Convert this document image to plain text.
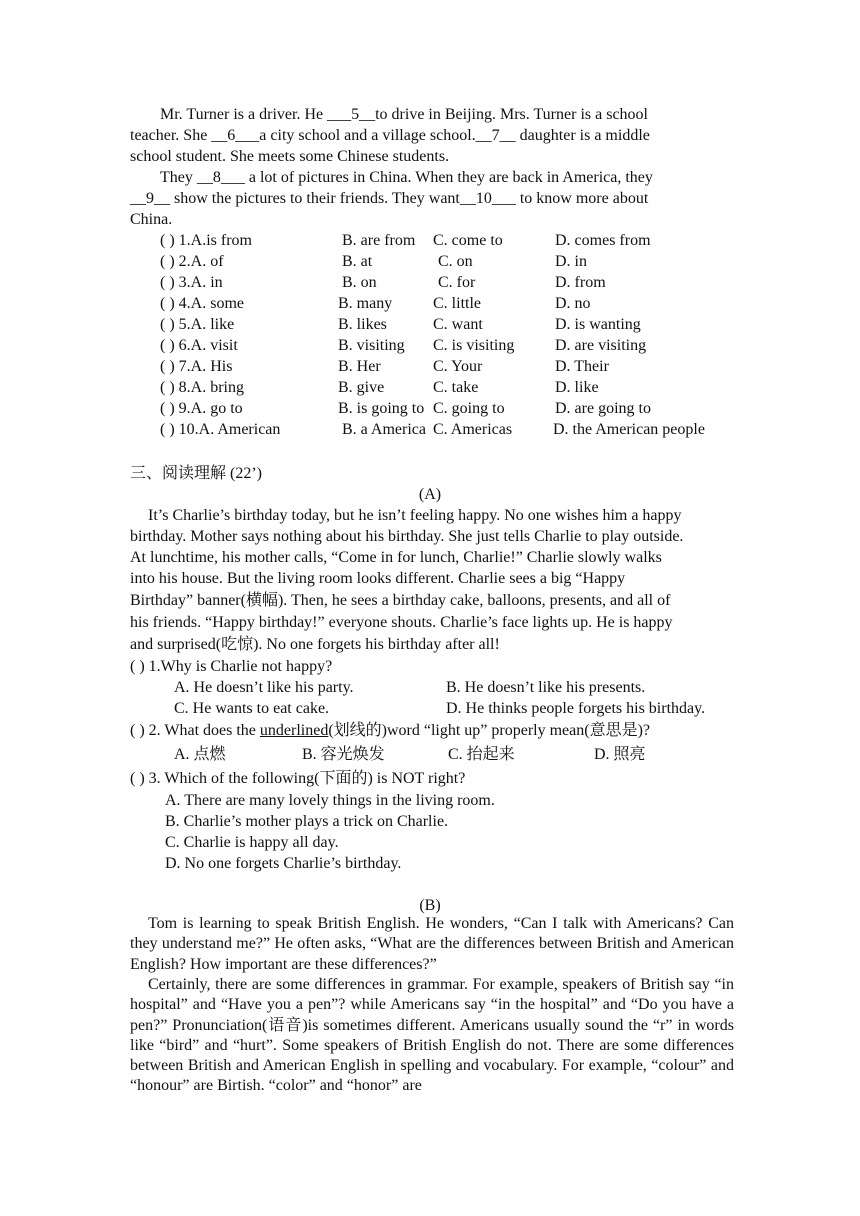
Mr. Turner is a driver. He ___5__to drive in Beijing. Mrs. Turner is a school
teacher. She __6___a city school and a village school.__7__ daughter is a middle
school student. She meets some Chinese students.
They __8___ a lot of pictures in China. When they are back in America, they
__9__ show the pictures to their friends. They want__10___ to know more about
China.
( ) 1.A.is from	B. are from C. come to	D. comes from
( ) 2.A. of	B. at	C. on	D. in
( ) 3.A. in	B. on	C. for	D. from
( ) 4.A. some	B. many	C. little	D. no
( ) 5.A. like	B. likes	C. want	D. is wanting
( ) 6.A. visit	B. visiting C. is visiting	D. are visiting
( ) 7.A. His	B. Her	C. Your	D. Their
( ) 8.A. bring	B. give	C. take	D. like
( ) 9.A. go to	B. is going to C. going to	D. are going to
( ) 10.A. American	B. a America C. Americas	D. the American people
三、阅读理解 (22’)
(A)
It’s Charlie’s birthday today, but he isn’t feeling happy. No one wishes him a happy
birthday. Mother says nothing about his birthday. She just tells Charlie to play outside.
At lunchtime, his mother calls, “Come in for lunch, Charlie!” Charlie slowly walks
into his house. But the living room looks different. Charlie sees a big “Happy
Birthday” banner(横幅). Then, he sees a birthday cake, balloons, presents, and all of
his friends. “Happy birthday!” everyone shouts. Charlie’s face lights up. He is happy
and surprised(吃惊). No one forgets his birthday after all!
( ) 1.Why is Charlie not happy?
A. He doesn’t like his party.	B. He doesn’t like his presents.
C. He wants to eat cake.	D. He thinks people forgets his birthday.
( ) 2. What does the underlined(划线的)word “light up” properly mean(意思是)?
A. 点燃	B. 容光焕发	C. 抬起来	D. 照亮
( ) 3. Which of the following(下面的) is NOT right?
A. There are many lovely things in the living room.
B. Charlie’s mother plays a trick on Charlie.
C. Charlie is happy all day.
D. No one forgets Charlie’s birthday.
(B)
Tom is learning to speak British English. He wonders, “Can I talk with Americans? Can they understand me?” He often asks, “What are the differences between British and American English? How important are these differences?”
Certainly, there are some differences in grammar. For example, speakers of British say “in hospital” and “Have you a pen”? while Americans say “in the hospital” and “Do you have a pen?” Pronunciation(语音)is sometimes different. Americans usually sound the “r” in words like “bird” and “hurt”. Some speakers of British English do not. There are some differences between British and American English in spelling and vocabulary. For example, “colour” and “honour” are Birtish. “color” and “honor” are
